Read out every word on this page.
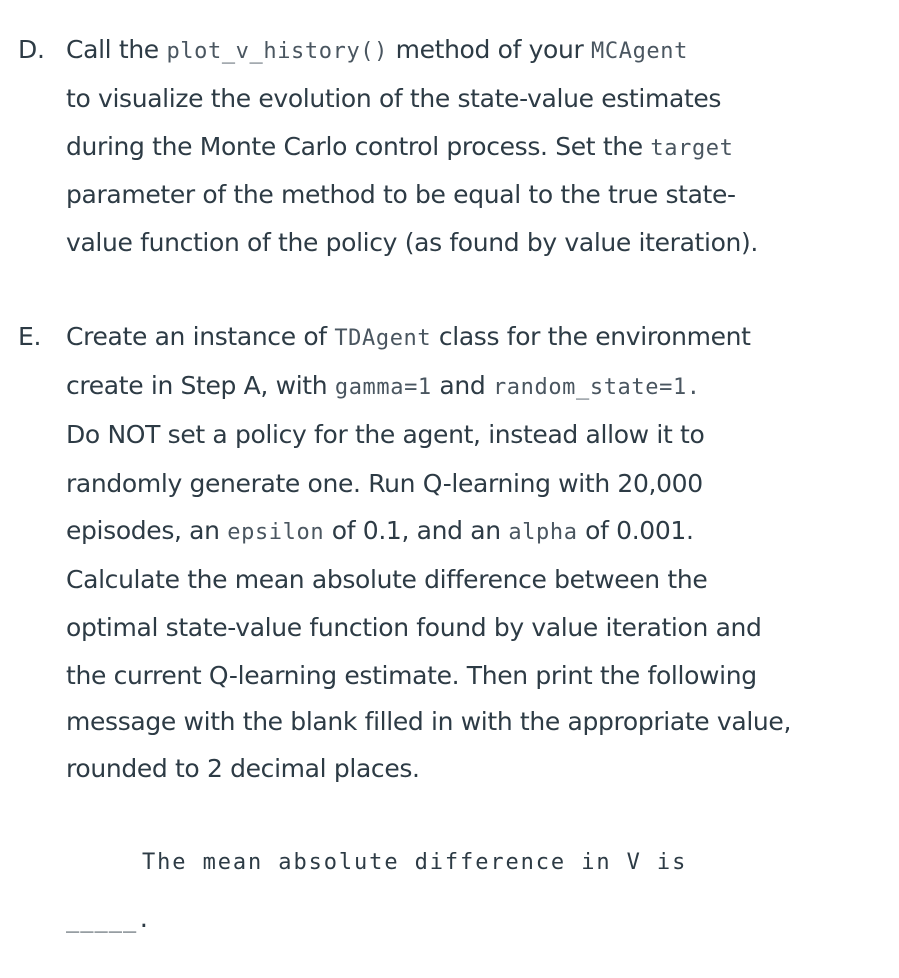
D. Call the plot_v_history() method of your MCAgent
to visualize the evolution of the state-value estimates
during the Monte Carlo control process. Set the target
parameter of the method to be equal to the true state-
value function of the policy (as found by value iteration).
E. Create an instance of TDAgent class for the environment
create in Step A, with gamma=1 and random_state=1.
Do NOT set a policy for the agent, instead allow it to
randomly generate one. Run Q-learning with 20,000
episodes, an epsilon of 0.1, and an alpha of 0.001.
Calculate the mean absolute difference between the
optimal state-value function found by value iteration and
the current Q-learning estimate. Then print the following
message with the blank filled in with the appropriate value,
rounded to 2 decimal places.
The mean absolute difference in V is
_____.
